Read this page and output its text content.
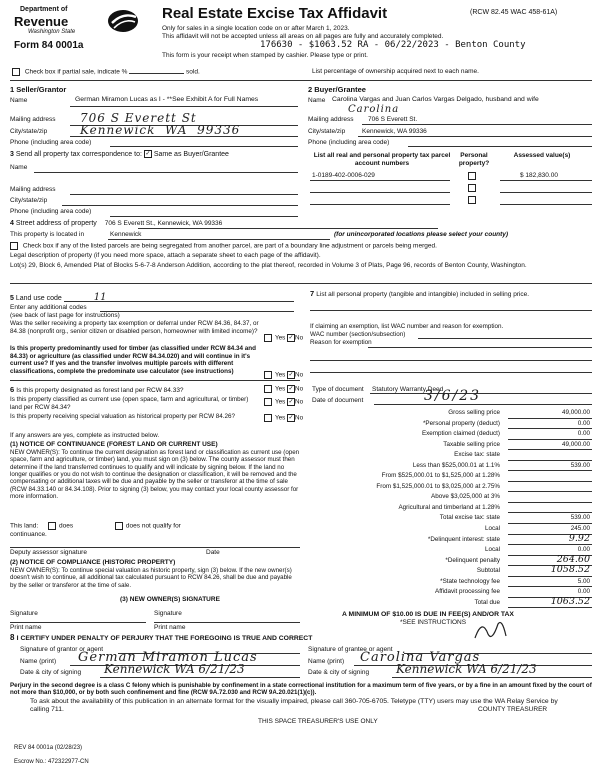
Department of
Revenue
Washington State
Form 84 0001a
Real Estate Excise Tax Affidavit	(RCW 82.45 WAC 458-61A)
Only for sales in a single location code on or after March 1, 2023.
This affidavit will not be accepted unless all areas on all pages are fully and accurately completed.
176630 - $1063.52 RA - 06/22/2023 - Benton County
This form is your receipt when stamped by cashier. Please type or print.
Check box if partial sale, indicate %	sold.	List percentage of ownership acquired next to each name.
1 Seller/Grantor
Name	German Miramon Lucas as I - **See Exhibit A for Full Names
Mailing address 706 S Everett St
City/state/zip	Kennewick  WA  99336
Phone (including area code)
2 Buyer/Grantee
Name Carolina Vargas and Juan Carlos Vargas Delgado, husband and wife
Carolina
Mailing address 706 S Everett St.
City/state/zip	Kennewick, WA 99336
Phone (including area code)
3 Send all property tax correspondence to: ✓ Same as Buyer/Grantee
Name
Mailing address
City/state/zip
Phone (including area code)
List all real and personal property tax parcel account numbers
Personal property?
Assessed value(s)
1-0189-402-0006-029	$ 182,830.00
4 Street address of property 706 S Everett St., Kennewick, WA 99336
This property is located in	Kennewick	(for unincorporated locations please select your county)
Check box if any of the listed parcels are being segregated from another parcel, are part of a boundary line adjustment or parcels being merged.
Legal description of property (if you need more space, attach a separate sheet to each page of the affidavit).
Lot(s) 29, Block 6, Amended Plat of Blocks 5-6-7-8 Anderson Addition, according to the plat thereof, recorded in Volume 3 of Plats, Page 96, records of Benton County, Washington.
5 Land use code	11
Enter any additional codes
(see back of last page for instructions)
Was the seller receiving a property tax exemption or deferral under RCW 84.36, 84.37, or 84.38 (nonprofit org., senior citizen or disabled person, homeowner with limited income)?
Yes ✓No
Is this property predominantly used for timber (as classified under RCW 84.34 and 84.33) or agriculture (as classified under RCW 84.34.020) and will continue in it's current use? If yes and the transfer involves multiple parcels with different classifications, complete the predominate use calculator (see instructions)
Yes ✓No
6 Is this property designated as forest land per RCW 84.33?	Yes ✓No
Is this property classified as current use (open space, farm and agricultural, or timber) land per RCW 84.34?
Yes ✓No
Is this property receiving special valuation as historical property per RCW 84.26?	Yes ✓No
If any answers are yes, complete as instructed below.
(1) NOTICE OF CONTINUANCE (FOREST LAND OR CURRENT USE)
NEW OWNER(S): To continue the current designation as forest land or classification as current use (open space, farm and agriculture, or timber) land, you must sign on (3) below. The county assessor must then determine if the land transferred continues to qualify and will indicate by signing below. If the land no longer qualifies or you do not wish to continue the designation or classification, it will be removed and the compensating or additional taxes will be due and payable by the seller or transferor at the time of sale (RCW 84.33.140 or 84.34.108). Prior to signing (3) below, you may contact your local county assessor for more information.
This land:	does	does not qualify for
continuance.
Deputy assessor signature	Date
(2) NOTICE OF COMPLIANCE (HISTORIC PROPERTY)
NEW OWNER(S): To continue special valuation as historic property, sign (3) below. If the new owner(s) doesn't wish to continue, all additional tax calculated pursuant to RCW 84.26, shall be due and payable by the seller or transferor at the time of sale.
(3) NEW OWNER(S) SIGNATURE
Signature	Signature
Print name	Print name
7 List all personal property (tangible and intangible) included in selling price.
If claiming an exemption, list WAC number and reason for exemption.
WAC number (section/subsection)
Reason for exemption
Type of document Statutory Warranty Deed
Date of document	3/6/23
Gross selling price	49,000.00
*Personal property (deduct)	0.00
Exemption claimed (deduct)	0.00
Taxable selling price	49,000.00
Excise tax: state
Less than $525,000.01 at 1.1%	539.00
From $525,000.01 to $1,525,000 at 1.28%
From $1,525,000.01 to $3,025,000 at 2.75%
Above $3,025,000 at 3%
Agricultural and timberland at 1.28%
Total excise tax: state	539.00
Local	245.00
*Delinquent interest: state	9.92
Local	0.00
*Delinquent penalty	264.60
Subtotal	1058.52
*State technology fee	5.00
Affidavit processing fee	0.00
Total due	1063.52
A MINIMUM OF $10.00 IS DUE IN FEE(S) AND/OR TAX
*SEE INSTRUCTIONS
8 I CERTIFY UNDER PENALTY OF PERJURY THAT THE FOREGOING IS TRUE AND CORRECT
Signature of grantor or agent	Signature of grantee or agent
Name (print) German Miramon Lucas	Name (print) Carolina Vargas
Date & city of signing Kennewick WA 6/21/23	Date & city of signing Kennewick WA 6/21/23
Perjury in the second degree is a class C felony which is punishable by confinement in a state correctional institution for a maximum term of five years, or by a fine in an amount fixed by the court of not more than $10,000, or by both such confinement and fine (RCW 9A.72.030 and RCW 9A.20.021(1)(c)).
To ask about the availability of this publication in an alternate format for the visually impaired, please call 360-705-6705. Teletype (TTY) users may use the WA Relay Service by calling 711.
THIS SPACE TREASURER'S USE ONLY
COUNTY TREASURER
REV 84 0001a (02/28/23)
Escrow No.: 472322977-CN
